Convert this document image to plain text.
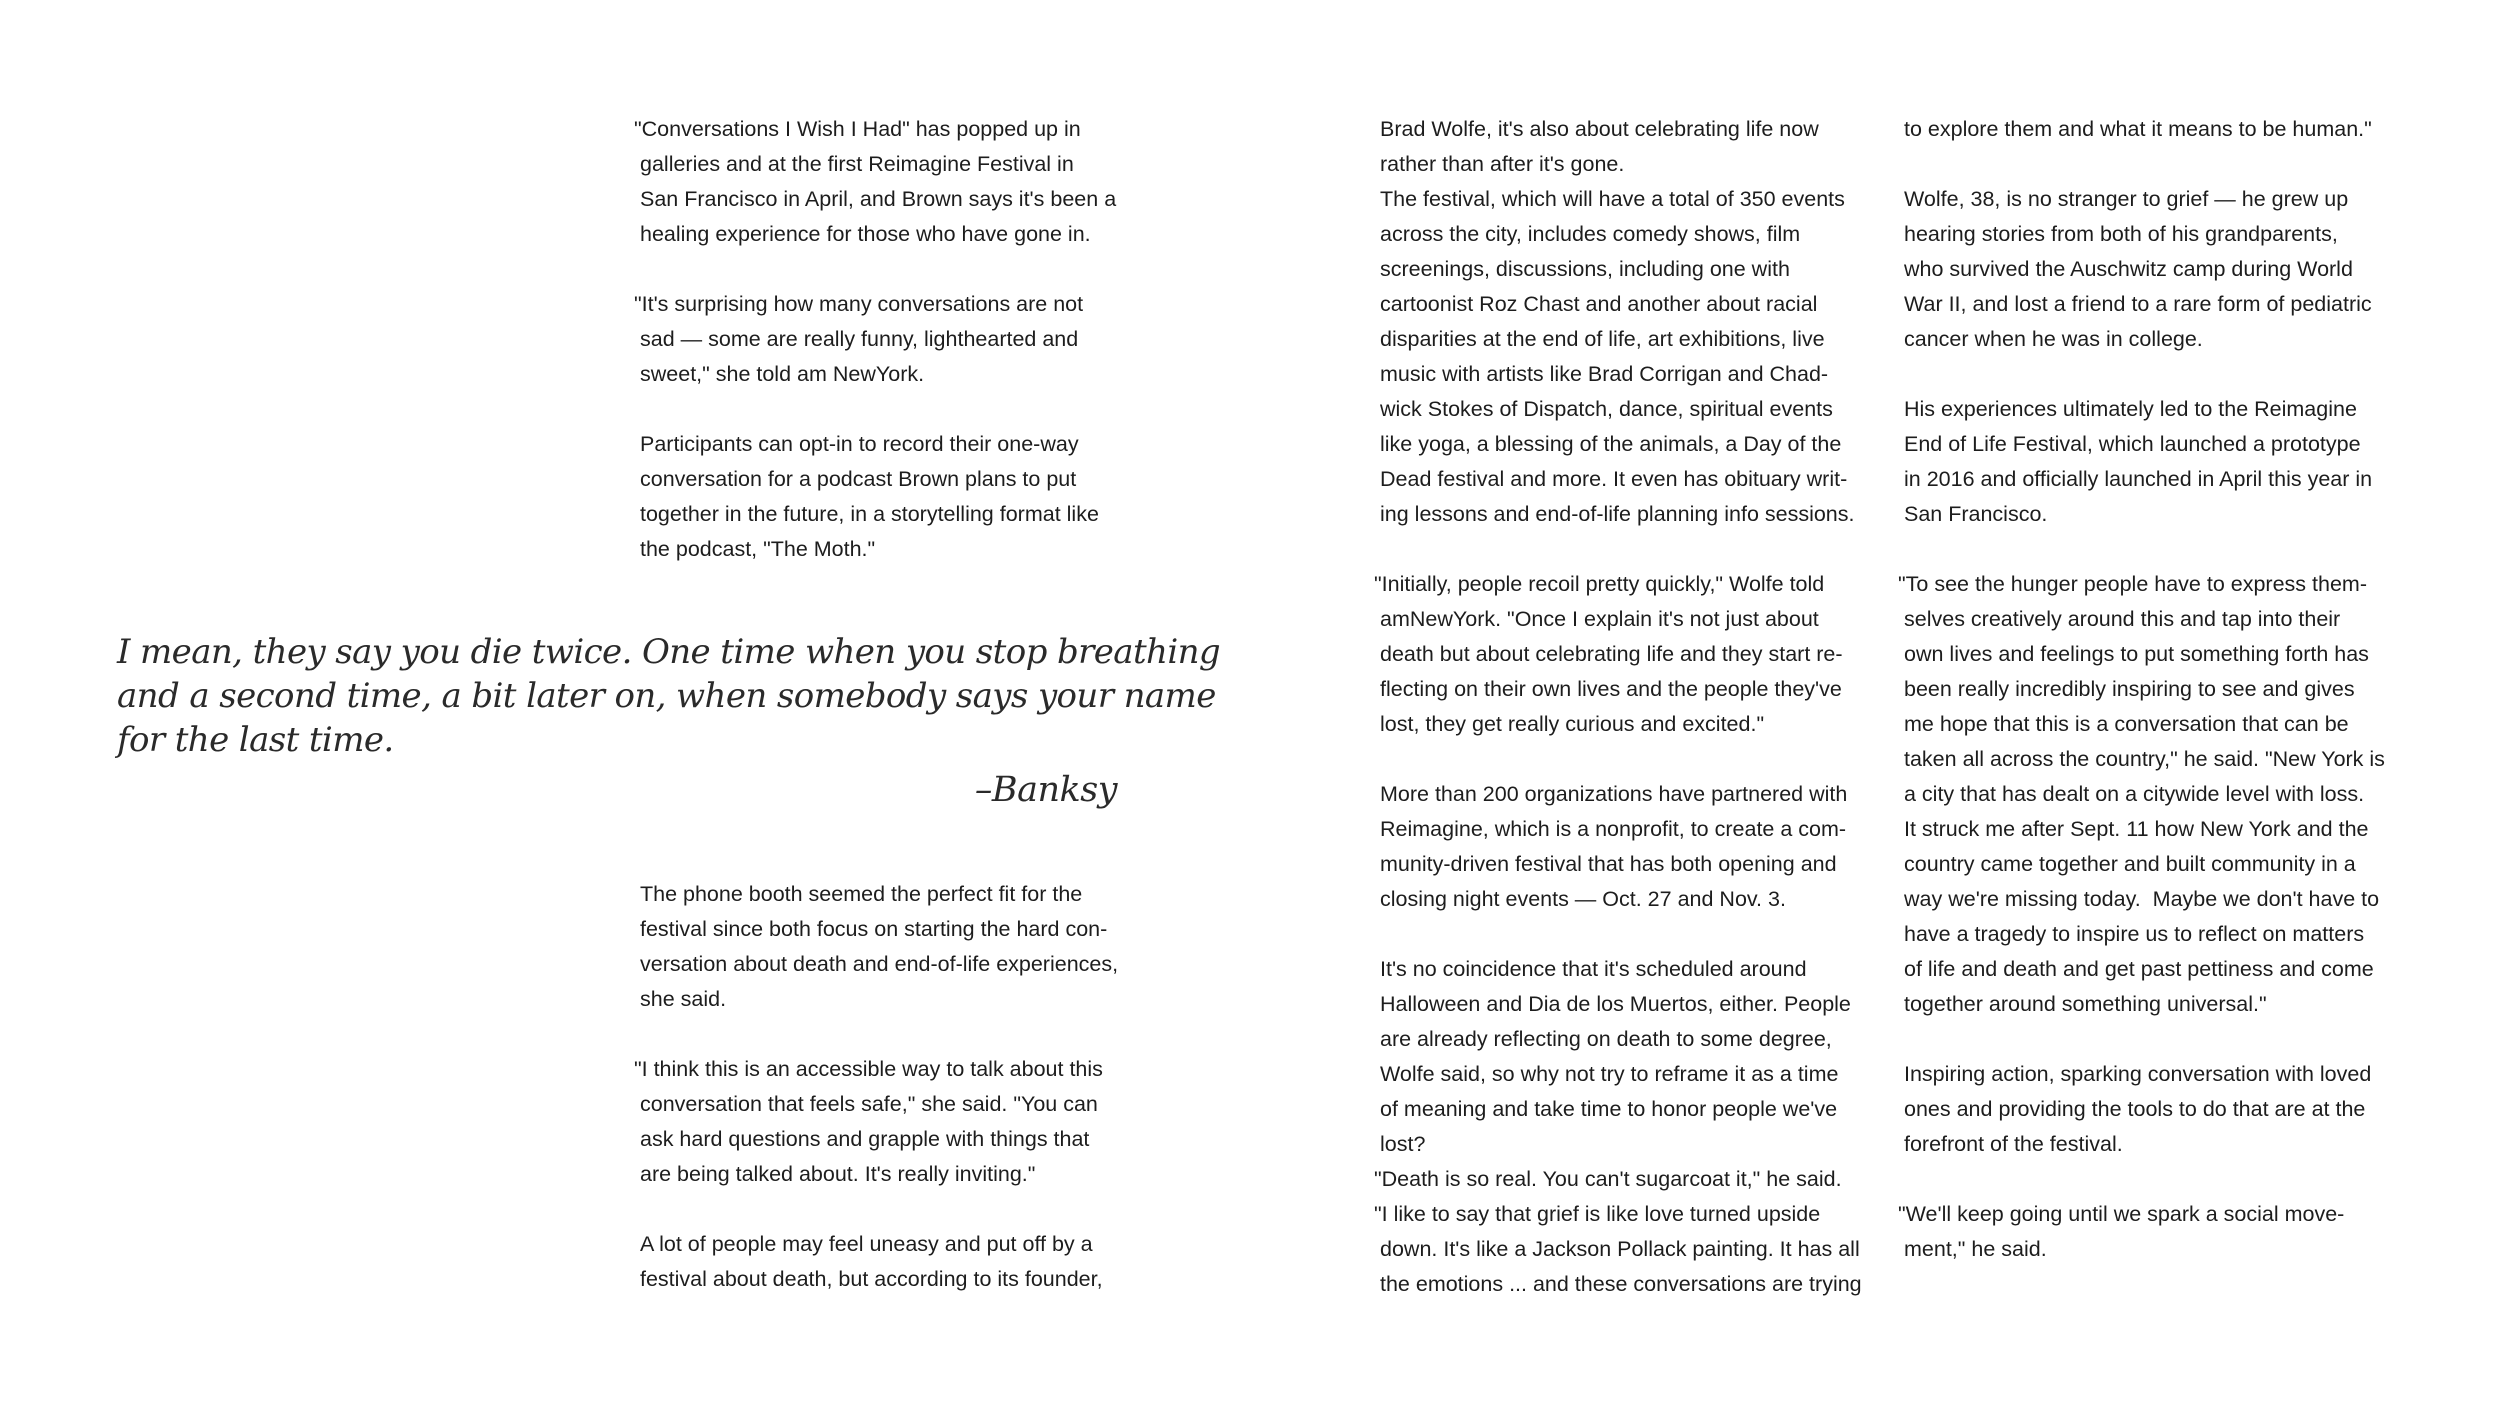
"Conversations I Wish I Had" has popped up in
galleries and at the first Reimagine Festival in
San Francisco in April, and Brown says it's been a
healing experience for those who have gone in.
"It's surprising how many conversations are not
sad — some are really funny, lighthearted and
sweet," she told am NewYork.
Participants can opt-in to record their one-way
conversation for a podcast Brown plans to put
together in the future, in a storytelling format like
the podcast, "The Moth."
I mean, they say you die twice. One time when you stop breathing
and a second time, a bit later on, when somebody says your name
for the last time.
–Banksy
The phone booth seemed the perfect fit for the
festival since both focus on starting the hard con-
versation about death and end-of-life experiences,
she said.
"I think this is an accessible way to talk about this
conversation that feels safe," she said. "You can
ask hard questions and grapple with things that
are being talked about. It's really inviting."
A lot of people may feel uneasy and put off by a
festival about death, but according to its founder,
Brad Wolfe, it's also about celebrating life now
rather than after it's gone.
The festival, which will have a total of 350 events
across the city, includes comedy shows, film
screenings, discussions, including one with
cartoonist Roz Chast and another about racial
disparities at the end of life, art exhibitions, live
music with artists like Brad Corrigan and Chad-
wick Stokes of Dispatch, dance, spiritual events
like yoga, a blessing of the animals, a Day of the
Dead festival and more. It even has obituary writ-
ing lessons and end-of-life planning info sessions.
"Initially, people recoil pretty quickly," Wolfe told
amNewYork. "Once I explain it's not just about
death but about celebrating life and they start re-
flecting on their own lives and the people they've
lost, they get really curious and excited."
More than 200 organizations have partnered with
Reimagine, which is a nonprofit, to create a com-
munity-driven festival that has both opening and
closing night events — Oct. 27 and Nov. 3.
It's no coincidence that it's scheduled around
Halloween and Dia de los Muertos, either. People
are already reflecting on death to some degree,
Wolfe said, so why not try to reframe it as a time
of meaning and take time to honor people we've
lost?
"Death is so real. You can't sugarcoat it," he said.
"I like to say that grief is like love turned upside
down. It's like a Jackson Pollack painting. It has all
the emotions ... and these conversations are trying
to explore them and what it means to be human."
Wolfe, 38, is no stranger to grief — he grew up
hearing stories from both of his grandparents,
who survived the Auschwitz camp during World
War II, and lost a friend to a rare form of pediatric
cancer when he was in college.
His experiences ultimately led to the Reimagine
End of Life Festival, which launched a prototype
in 2016 and officially launched in April this year in
San Francisco.
"To see the hunger people have to express them-
selves creatively around this and tap into their
own lives and feelings to put something forth has
been really incredibly inspiring to see and gives
me hope that this is a conversation that can be
taken all across the country," he said. "New York is
a city that has dealt on a citywide level with loss.
It struck me after Sept. 11 how New York and the
country came together and built community in a
way we're missing today.  Maybe we don't have to
have a tragedy to inspire us to reflect on matters
of life and death and get past pettiness and come
together around something universal."
Inspiring action, sparking conversation with loved
ones and providing the tools to do that are at the
forefront of the festival.
"We'll keep going until we spark a social move-
ment," he said.
